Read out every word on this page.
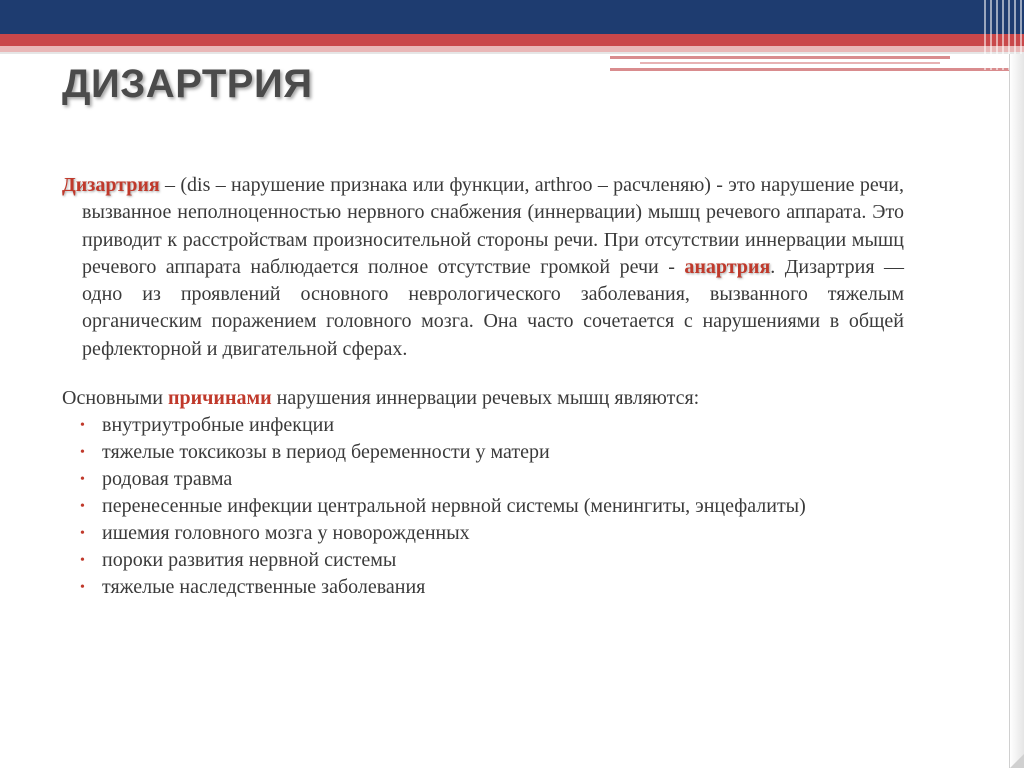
ДИЗАРТРИЯ

Дизартрия – (dis – нарушение признака или функции, arthroo – расчленяю) - это нарушение речи, вызванное неполноценностью нервного снабжения (иннервации) мышц речевого аппарата. Это приводит к расстройствам произносительной стороны речи. При отсутствии иннервации мышц речевого аппарата наблюдается полное отсутствие громкой речи - анартрия. Дизартрия — одно из проявлений основного неврологического заболевания, вызванного тяжелым органическим поражением головного мозга. Она часто сочетается с нарушениями в общей рефлекторной и двигательной сферах.

Основными причинами нарушения иннервации речевых мышц являются:

• внутриутробные инфекции
• тяжелые токсикозы в период беременности у матери
• родовая травма
• перенесенные инфекции центральной нервной системы (менингиты, энцефалиты)
• ишемия головного мозга у новорожденных
• пороки развития нервной системы
• тяжелые наследственные заболевания
